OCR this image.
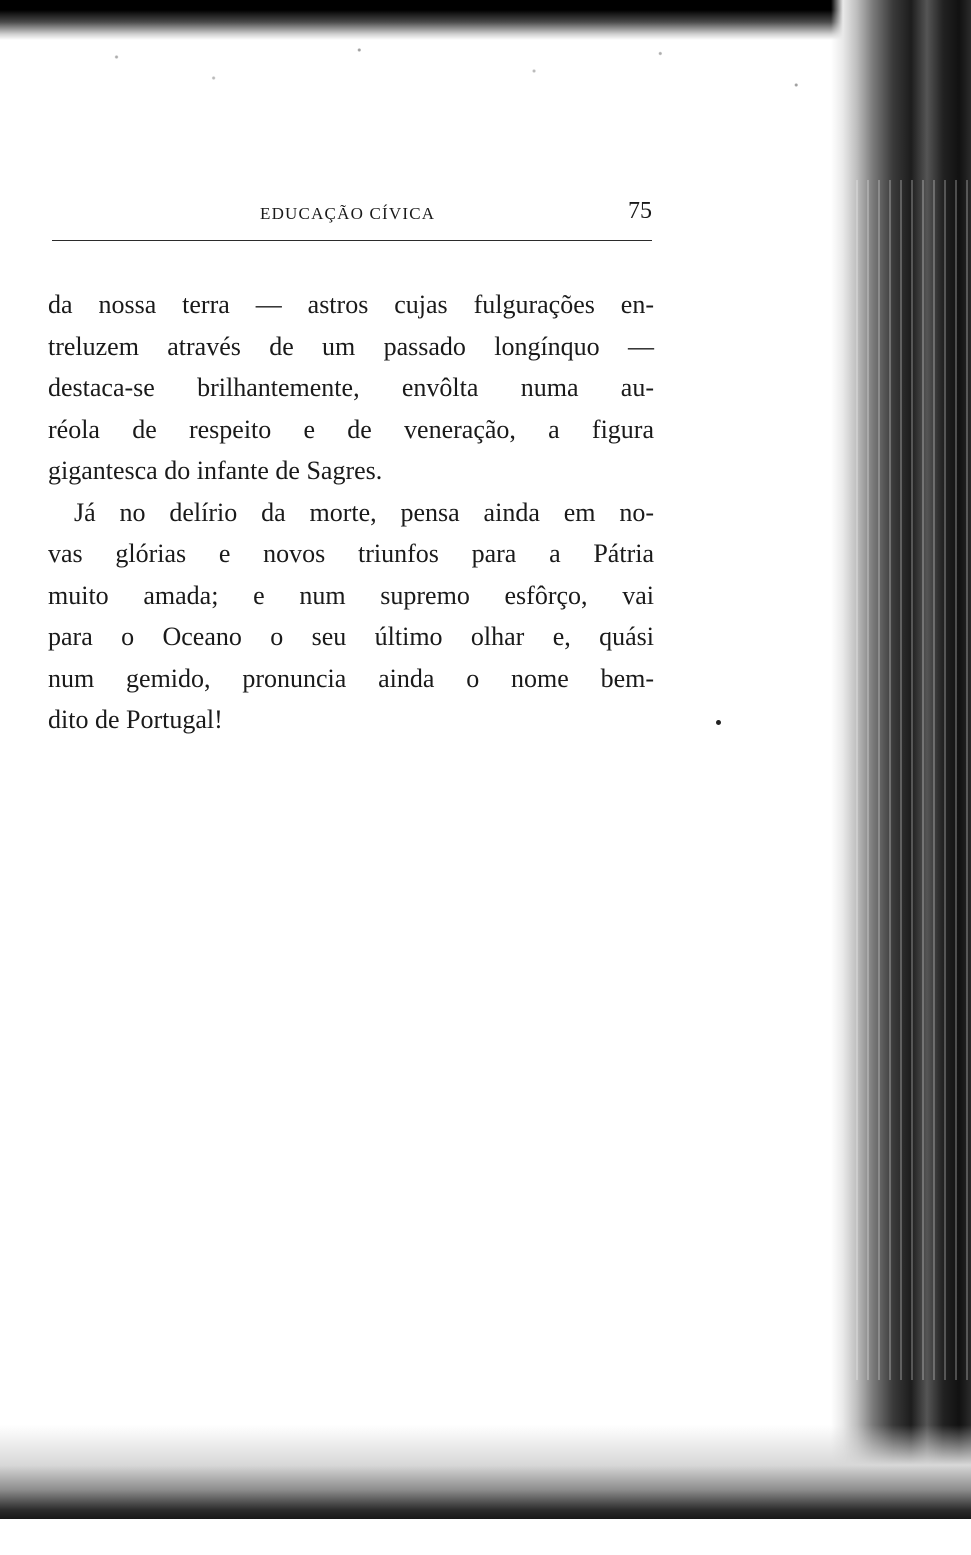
EDUCAÇÃO CÍVICA	75
da nossa terra — astros cujas fulgurações en-
treluzem através de um passado longínquo —
destaca-se brilhantemente, envôlta numa au-
réola de respeito e de veneração, a figura
gigantesca do infante de Sagres.
Já no delírio da morte, pensa ainda em no-
vas glórias e novos triunfos para a Pátria
muito amada; e num supremo esfôrço, vai
para o Oceano o seu último olhar e, quási
num gemido, pronuncia ainda o nome bem-
dito de Portugal!
